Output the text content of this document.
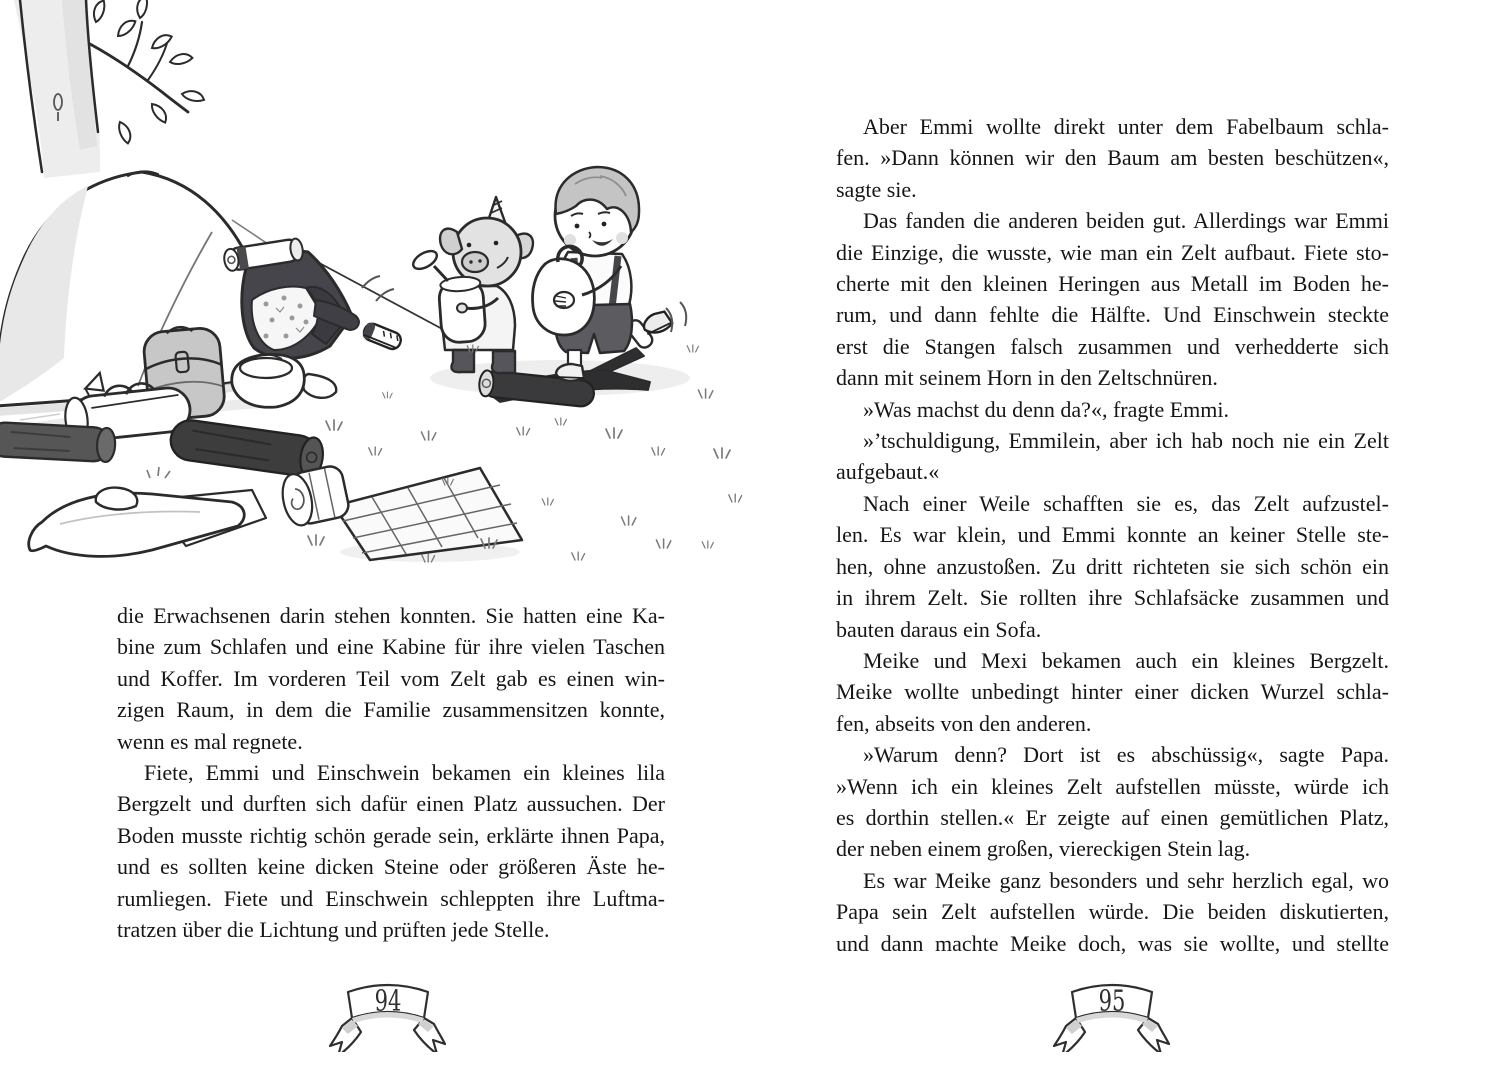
die Erwachsenen darin stehen konnten. Sie hatten eine Ka-
bine zum Schlafen und eine Kabine für ihre vielen Taschen
und Koffer. Im vorderen Teil vom Zelt gab es einen win-
zigen Raum, in dem die Familie zusammensitzen konnte,
wenn es mal regnete.
Fiete, Emmi und Einschwein bekamen ein kleines lila
Bergzelt und durften sich dafür einen Platz aussuchen. Der
Boden musste richtig schön gerade sein, erklärte ihnen Papa,
und es sollten keine dicken Steine oder größeren Äste he-
rumliegen. Fiete und Einschwein schleppten ihre Luftma-
tratzen über die Lichtung und prüften jede Stelle.
94
Aber Emmi wollte direkt unter dem Fabelbaum schla-
fen. »Dann können wir den Baum am besten beschützen«,
sagte sie.
Das fanden die anderen beiden gut. Allerdings war Emmi
die Einzige, die wusste, wie man ein Zelt aufbaut. Fiete sto-
cherte mit den kleinen Heringen aus Metall im Boden he-
rum, und dann fehlte die Hälfte. Und Einschwein steckte
erst die Stangen falsch zusammen und verhedderte sich
dann mit seinem Horn in den Zeltschnüren.
»Was machst du denn da?«, fragte Emmi.
»’tschuldigung, Emmilein, aber ich hab noch nie ein Zelt
aufgebaut.«
Nach einer Weile schafften sie es, das Zelt aufzustel-
len. Es war klein, und Emmi konnte an keiner Stelle ste-
hen, ohne anzustoßen. Zu dritt richteten sie sich schön ein
in ihrem Zelt. Sie rollten ihre Schlafsäcke zusammen und
bauten daraus ein Sofa.
Meike und Mexi bekamen auch ein kleines Bergzelt.
Meike wollte unbedingt hinter einer dicken Wurzel schla-
fen, abseits von den anderen.
»Warum denn? Dort ist es abschüssig«, sagte Papa.
»Wenn ich ein kleines Zelt aufstellen müsste, würde ich
es dorthin stellen.« Er zeigte auf einen gemütlichen Platz,
der neben einem großen, viereckigen Stein lag.
Es war Meike ganz besonders und sehr herzlich egal, wo
Papa sein Zelt aufstellen würde. Die beiden diskutierten,
und dann machte Meike doch, was sie wollte, und stellte
95
